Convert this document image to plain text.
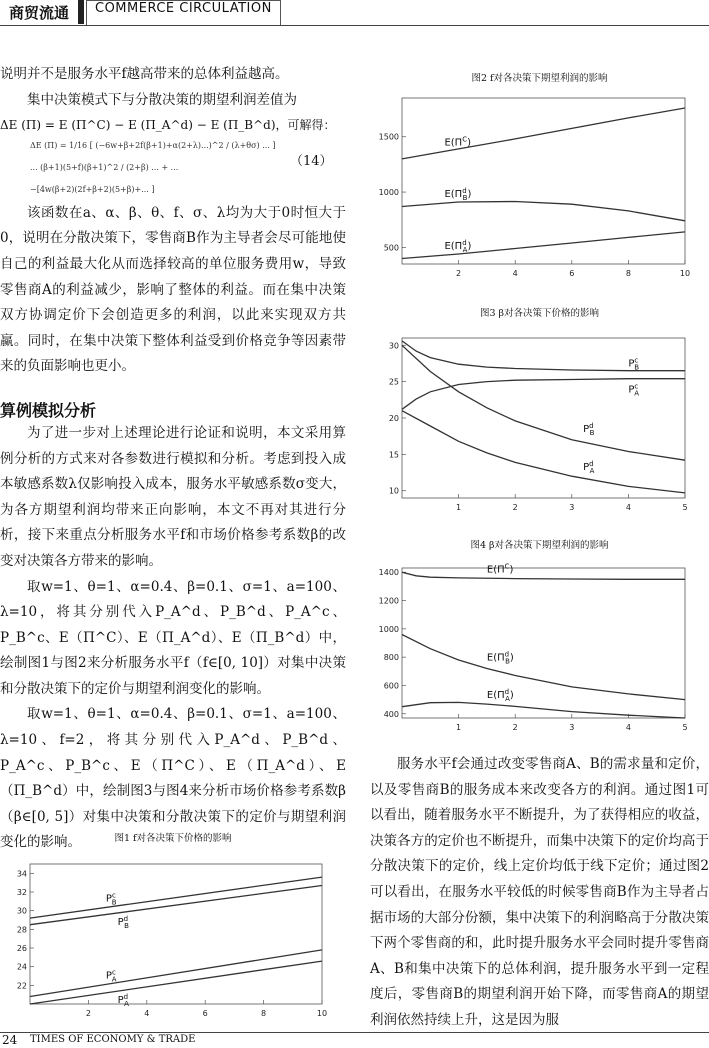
商贸流通	COMMERCE CIRCULATION

说明并不是服务水平f越高带来的总体利益越高。

集中决策模式下与分散决策的期望利润差值为

ΔE (Π) = E (Π^C) − E (Π_A^d) − E (Π_B^d)，可解得：

ΔE (Π) = 1/16 [ (−6w+β+2f(β+1)+α(2+λ)...)^2 / (λ+θσ) ... ]
... (β+1)(5+f)(β+1)^2 / (2+β) ... + ...
−[4w(β+2)(2f+β+2)(5+β)+... ]
（14）

该函数在a、α、β、θ、f、σ、λ均为大于0时恒大于0，说明在分散决策下，零售商B作为主导者会尽可能地使自己的利益最大化从而选择较高的单位服务费用w，导致零售商A的利益减少，影响了整体的利益。而在集中决策双方协调定价下会创造更多的利润，以此来实现双方共赢。同时，在集中决策下整体利益受到价格竞争等因素带来的负面影响也更小。

算例模拟分析

为了进一步对上述理论进行论证和说明，本文采用算例分析的方式来对各参数进行模拟和分析。考虑到投入成本敏感系数λ仅影响投入成本，服务水平敏感系数σ变大，为各方期望利润均带来正向影响，本文不再对其进行分析，接下来重点分析服务水平f和市场价格参考系数β的改变对决策各方带来的影响。

取w=1、θ=1、α=0.4、β=0.1、σ=1、a=100、λ=10，将其分别代入P_A^d、P_B^d、P_A^c、P_B^c、E（Π^C）、E（Π_A^d）、E（Π_B^d）中，绘制图1与图2来分析服务水平f（f∈[0, 10]）对集中决策和分散决策下的定价与期望利润变化的影响。

取w=1、θ=1、α=0.4、β=0.1、σ=1、a=100、λ=10、f=2，将其分别代入P_A^d、P_B^d、P_A^c、P_B^c、E（Π^C）、E（Π_A^d）、E（Π_B^d）中，绘制图3与图4来分析市场价格参考系数β（β∈[0, 5]）对集中决策和分散决策下的定价与期望利润变化的影响。	图1 f对各决策下价格的影响
图2 f对各决策下期望利润的影响
图3 β对各决策下价格的影响
图4 β对各决策下期望利润的影响
2	4	6	8	10
22
24
26
28
30
32
34
$P^c$ B
$P^d$ B
$P^c$ A
$P^d$ A
2	4	6	8	10
500
1000
1500
$E(\Pi^C)$
$E(\Pi^d$ B)
$E(\Pi^d$ A)
1	2	3	4	5
10
15
20
25
30
$P^c$ B
$P^c$ A
$P^d$ B
$P^d$ A
1	2	3	4	5
400
600
800
1000
1200
1400	$E(\Pi^C)$
$E(\Pi^d$ B)
$E(\Pi^d$ A)

服务水平f会通过改变零售商A、B的需求量和定价，以及零售商B的服务成本来改变各方的利润。通过图1可以看出，随着服务水平不断提升，为了获得相应的收益，决策各方的定价也不断提升，而集中决策下的定价均高于分散决策下的定价，线上定价均低于线下定价；通过图2可以看出，在服务水平较低的时候零售商B作为主导者占据市场的大部分份额，集中决策下的利润略高于分散决策下两个零售商的和，此时提升服务水平会同时提升零售商A、B和集中决策下的总体利润，提升服务水平到一定程度后，零售商B的期望利润开始下降，而零售商A的期望利润依然持续上升，这是因为服

24 TIMES OF ECONOMY & TRADE
